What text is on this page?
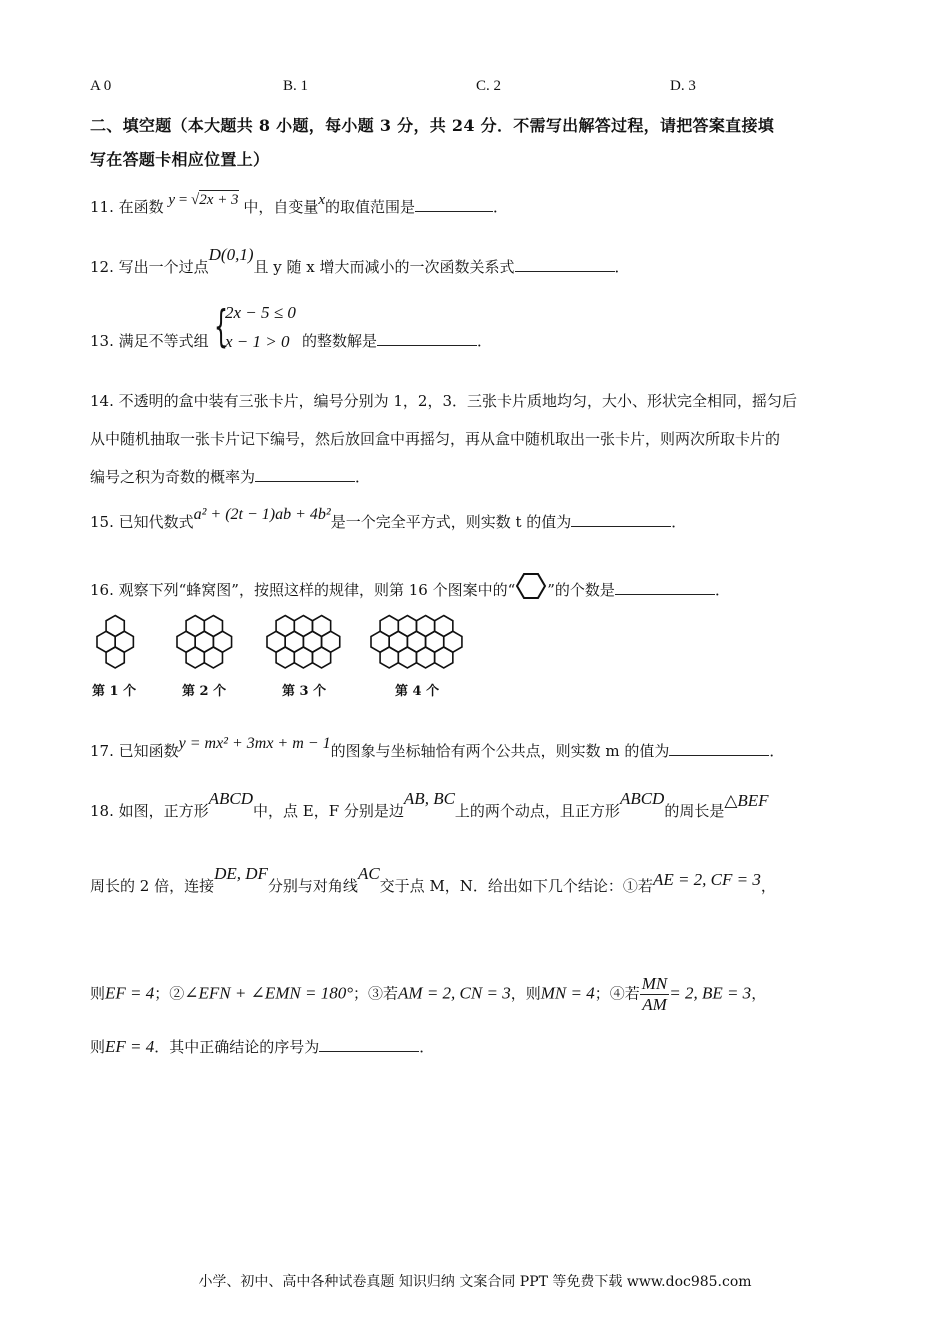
A 0	B. 1	C. 2	D. 3
二、填空题（本大题共 8 小题，每小题 3 分，共 24 分．不需写出解答过程，请把答案直接填
写在答题卡相应位置上）
11. 在函数 y = √2x + 3 中，自变量x的取值范围是	．
12. 写出一个过点D(0,1)且 y 随 x 增大而减小的一次函数关系式	．
13. 满足不等式组 {
2x − 5 ≤ 0
x − 1 > 0 的整数解是	．
14. 不透明的盒中装有三张卡片，编号分别为 1，2，3．三张卡片质地均匀，大小、形状完全相同，摇匀后
从中随机抽取一张卡片记下编号，然后放回盒中再摇匀，再从盒中随机取出一张卡片，则两次所取卡片的
编号之积为奇数的概率为	．
15. 已知代数式a² + (2t − 1)ab + 4b²是一个完全平方式，则实数 t 的值为	．
16. 观察下列“蜂窝图”，按照这样的规律，则第 16 个图案中的“ ”的个数是	．
第 1 个	第 2 个	第 3 个	第 4 个
17. 已知函数y = mx² + 3mx + m − 1的图象与坐标轴恰有两个公共点，则实数 m 的值为	．
18. 如图，正方形ABCD中，点 E，F 分别是边AB, BC上的两个动点，且正方形ABCD的周长是△BEF
周长的 2 倍，连接DE, DF分别与对角线AC交于点 M，N．给出如下几个结论：①若AE = 2, CF = 3，
则EF = 4；②∠EFN + ∠EMN = 180°；③若AM = 2, CN = 3，则MN = 4；④若 $\frac{MN}{AM} = 2$, BE = 3，
则EF = 4．其中正确结论的序号为	．
小学、初中、高中各种试卷真题 知识归纳 文案合同 PPT 等免费下载 www.doc985.com
